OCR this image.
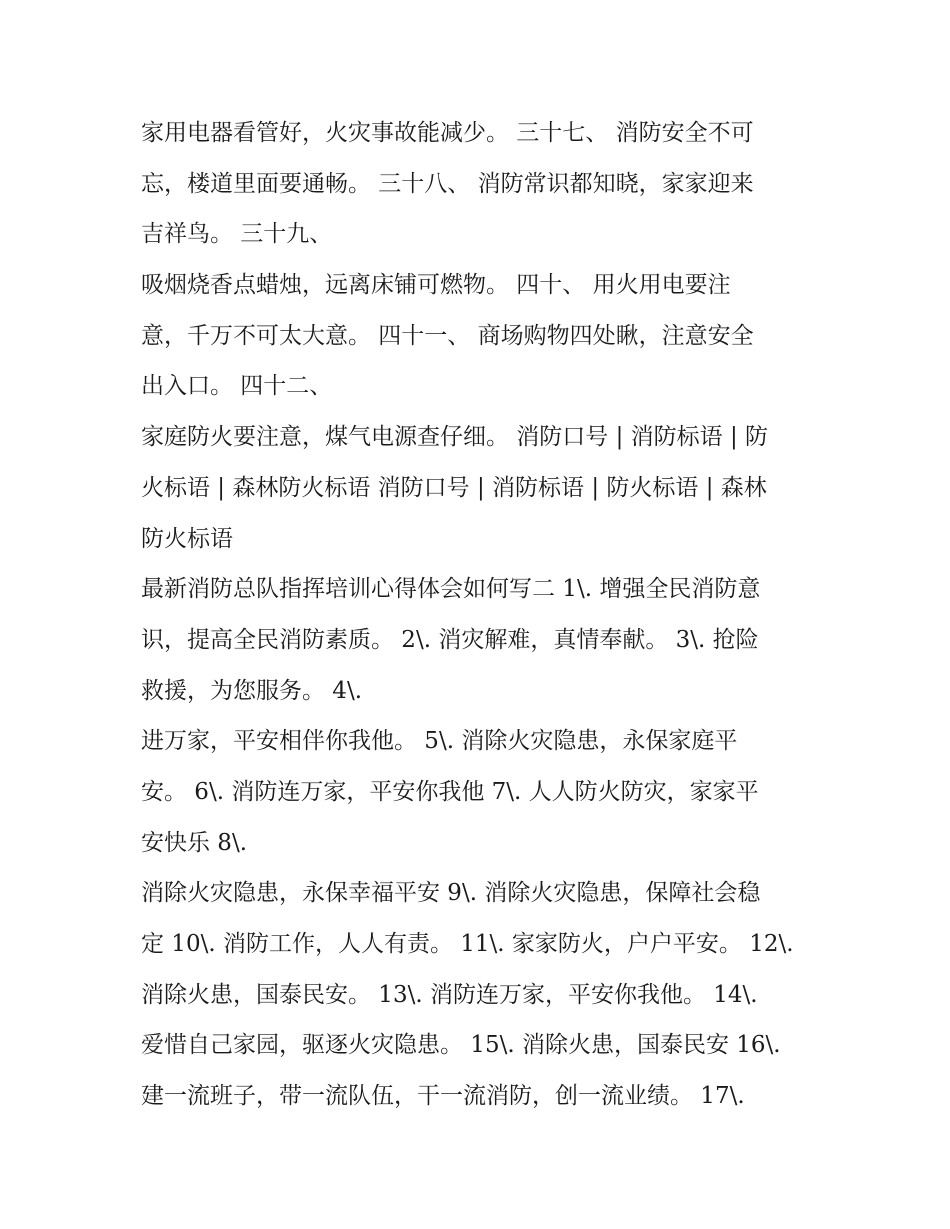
家用电器看管好，火灾事故能减少。 三十七、 消防安全不可
忘，楼道里面要通畅。 三十八、 消防常识都知晓，家家迎来
吉祥鸟。 三十九、
吸烟烧香点蜡烛，远离床铺可燃物。 四十、 用火用电要注
意，千万不可太大意。 四十一、 商场购物四处瞅，注意安全
出入口。 四十二、
家庭防火要注意，煤气电源查仔细。 消防口号 | 消防标语 | 防
火标语 | 森林防火标语 消防口号 | 消防标语 | 防火标语 | 森林
防火标语
最新消防总队指挥培训心得体会如何写二 1\. 增强全民消防意
识，提高全民消防素质。 2\. 消灾解难，真情奉献。 3\. 抢险
救援，为您服务。 4\.
进万家，平安相伴你我他。 5\. 消除火灾隐患，永保家庭平
安。 6\. 消防连万家，平安你我他 7\. 人人防火防灾，家家平
安快乐 8\.
消除火灾隐患，永保幸福平安 9\. 消除火灾隐患，保障社会稳
定 10\. 消防工作，人人有责。 11\. 家家防火，户户平安。 12\.
消除火患，国泰民安。 13\. 消防连万家，平安你我他。 14\.
爱惜自己家园，驱逐火灾隐患。 15\. 消除火患，国泰民安 16\.
建一流班子，带一流队伍，干一流消防，创一流业绩。 17\.
